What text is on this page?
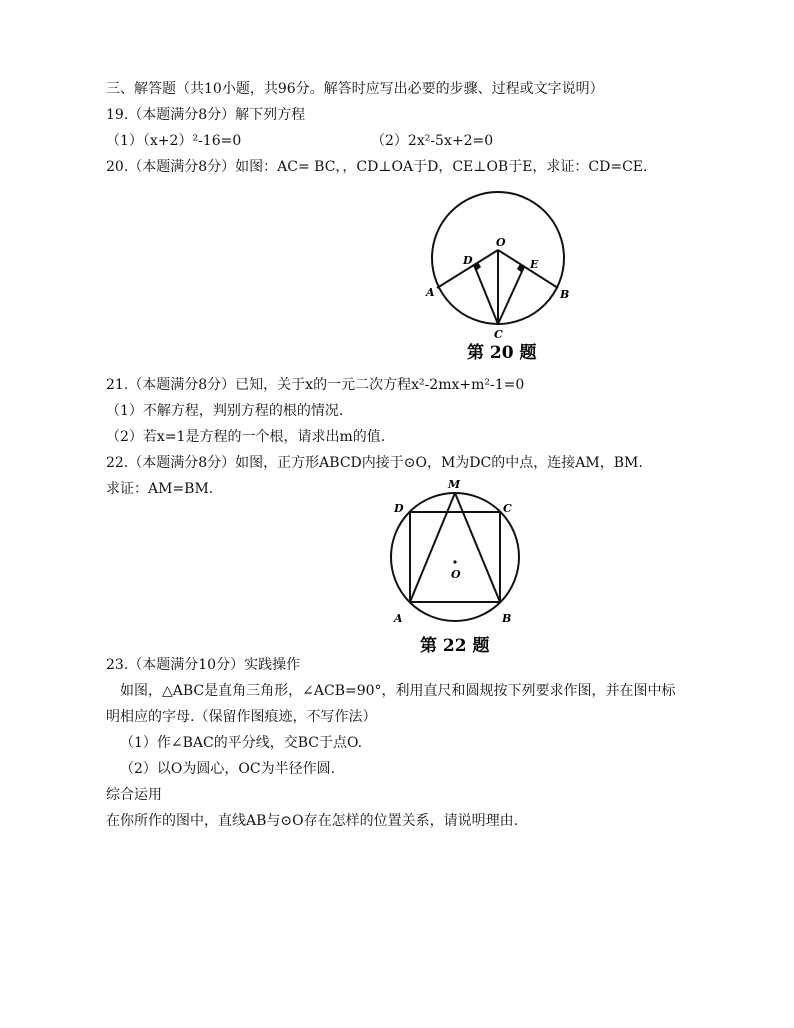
三、解答题（共10小题，共96分。解答时应写出必要的步骤、过程或文字说明）
19.（本题满分8分）解下列方程
（1）（x+2）²-16=0	（2）2x²-5x+2=0
20.（本题满分8分）如图：AC= BC，，CD⊥OA于D，CE⊥OB于E，求证：CD=CE.
O
D	E
A	B
C
第 20 题
21.（本题满分8分）已知，关于x的一元二次方程x²-2mx+m²-1=0
（1）不解方程，判别方程的根的情况.
（2）若x=1是方程的一个根，请求出m的值.
22.（本题满分8分）如图，正方形ABCD内接于⊙O，M为DC的中点，连接AM，BM.
求证：AM=BM.	M
D	C
O
A	B
第 22 题
23.（本题满分10分）实践操作
如图，△ABC是直角三角形，∠ACB=90°，利用直尺和圆规按下列要求作图，并在图中标
明相应的字母.（保留作图痕迹，不写作法）
（1）作∠BAC的平分线，交BC于点O.
（2）以O为圆心，OC为半径作圆.
综合运用
在你所作的图中，直线AB与⊙O存在怎样的位置关系，请说明理由.
